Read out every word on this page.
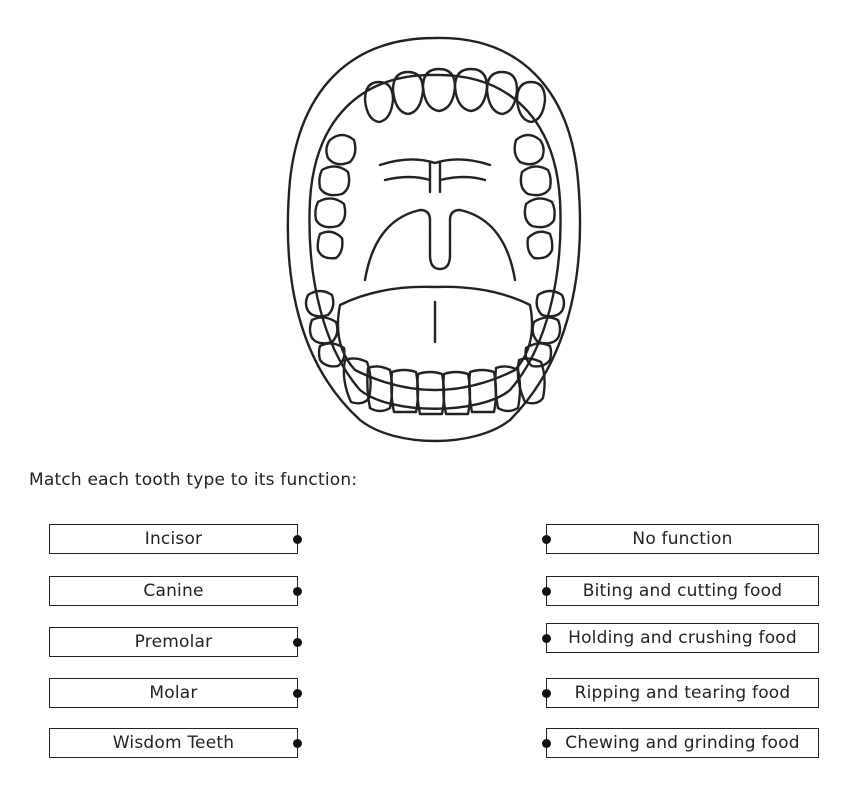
Match each tooth type to its function:
Incisor
Canine
Premolar
Molar
Wisdom Teeth
No function
Biting and cutting food
Holding and crushing food
Ripping and tearing food
Chewing and grinding food
